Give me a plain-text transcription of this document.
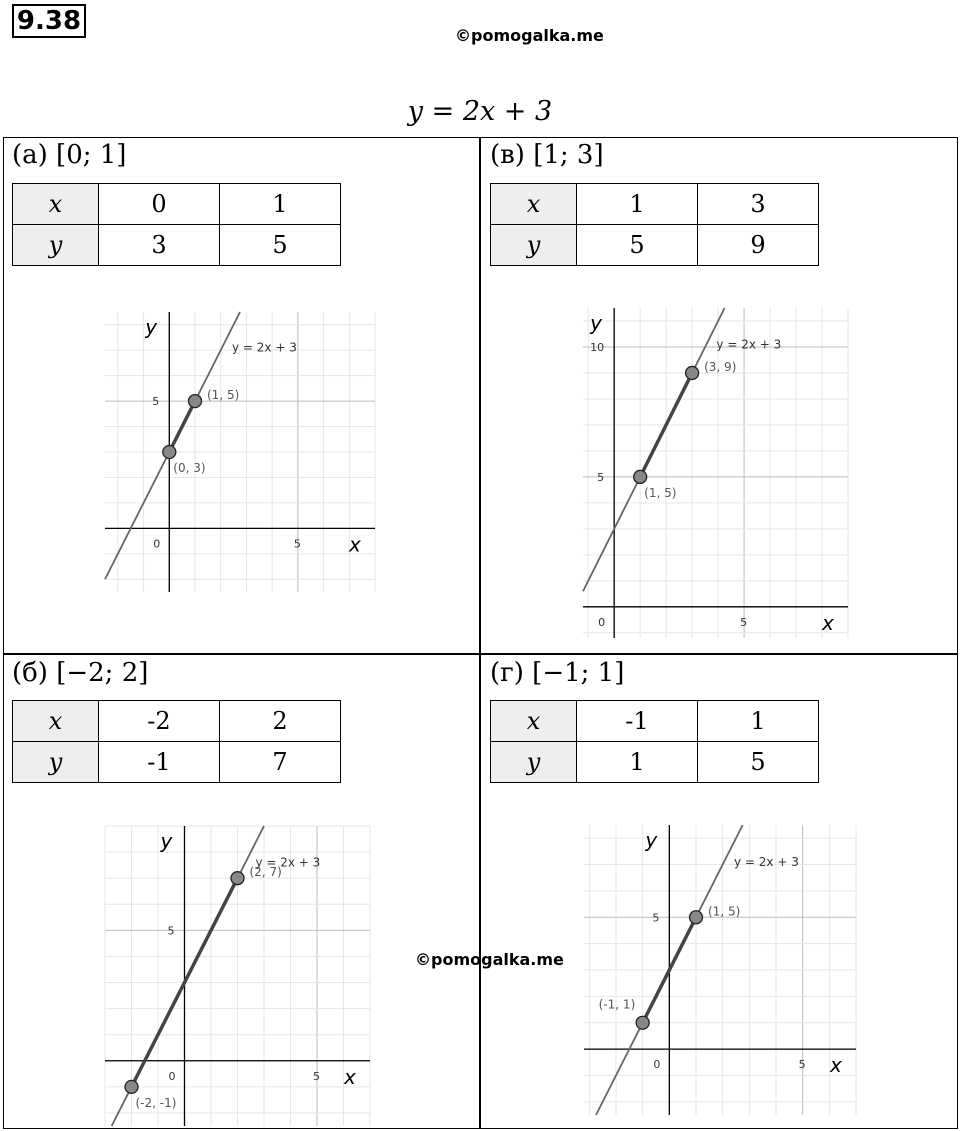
9.38	©pomogalka.me
y = 2x + 3
(а) [0; 1]
x	0	1
y	3	5
0	5
5
x
y
y = 2x + 3
(0, 3)
(1, 5)
(в) [1; 3]
x	1	3
y	5	9
0	5
5
10
x
y
y = 2x + 3
(1, 5)
(3, 9)
(б) [−2; 2]
x	-2	2
y	-1	7
0	5
5
x
y
y = 2x + 3
(-2, -1)
(2, 7)
(г) [−1; 1]
x	-1	1
y	1	5
0	5
5
x
y
y = 2x + 3
(-1, 1)
(1, 5)
©pomogalka.me
